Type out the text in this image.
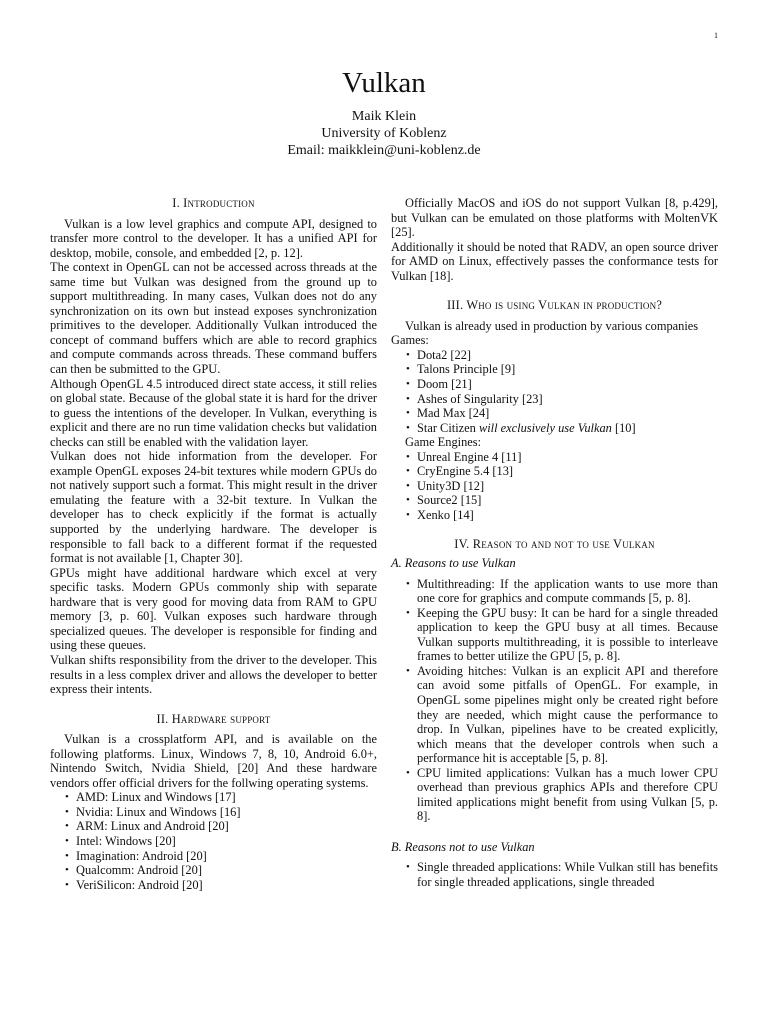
1
Vulkan
Maik Klein
University of Koblenz
Email: maikklein@uni-koblenz.de
I. Introduction

Vulkan is a low level graphics and compute API, designed to transfer more control to the developer. It has a unified API for desktop, mobile, console, and embedded [2, p. 12].

The context in OpenGL can not be accessed across threads at the same time but Vulkan was designed from the ground up to support multithreading. In many cases, Vulkan does not do any synchronization on its own but instead exposes synchronization primitives to the developer. Additionally Vulkan introduced the concept of command buffers which are able to record graphics and compute commands across threads. These command buffers can then be submitted to the GPU.

Although OpenGL 4.5 introduced direct state access, it still relies on global state. Because of the global state it is hard for the driver to guess the intentions of the developer. In Vulkan, everything is explicit and there are no run time validation checks but validation checks can still be enabled with the validation layer.

Vulkan does not hide information from the developer. For example OpenGL exposes 24-bit textures while modern GPUs do not natively support such a format. This might result in the driver emulating the feature with a 32-bit texture. In Vulkan the developer has to check explicitly if the format is actually supported by the underlying hardware. The developer is responsible to fall back to a different format if the requested format is not available [1, Chapter 30].

GPUs might have additional hardware which excel at very specific tasks. Modern GPUs commonly ship with separate hardware that is very good for moving data from RAM to GPU memory [3, p. 60]. Vulkan exposes such hardware through specialized queues. The developer is responsible for finding and using these queues.

Vulkan shifts responsibility from the driver to the developer. This results in a less complex driver and allows the developer to better express their intents.

II. Hardware support

Vulkan is a crossplatform API, and is available on the following platforms. Linux, Windows 7, 8, 10, Android 6.0+, Nintendo Switch, Nvidia Shield, [20] And these hardware vendors offer official drivers for the follwing operating systems.

• AMD: Linux and Windows [17]
• Nvidia: Linux and Windows [16]
• ARM: Linux and Android [20]
• Intel: Windows [20]
• Imagination: Android [20]
• Qualcomm: Android [20]
• VeriSilicon: Android [20]

Officially MacOS and iOS do not support Vulkan [8, p.429], but Vulkan can be emulated on those platforms with MoltenVK [25].

Additionally it should be noted that RADV, an open source driver for AMD on Linux, effectively passes the conformance tests for Vulkan [18].

III. Who is using Vulkan in production?

Vulkan is already used in production by various companies

Games:

• Dota2 [22]
• Talons Principle [9]
• Doom [21]
• Ashes of Singularity [23]
• Mad Max [24]
• Star Citizen will exclusively use Vulkan [10]

Game Engines:

• Unreal Engine 4 [11]
• CryEngine 5.4 [13]
• Unity3D [12]
• Source2 [15]
• Xenko [14]
IV. Reason to and not to use Vulkan

A. Reasons to use Vulkan

• Multithreading: If the application wants to use more than one core for graphics and compute commands [5, p. 8].
• Keeping the GPU busy: It can be hard for a single threaded application to keep the GPU busy at all times. Because Vulkan supports multithreading, it is possible to interleave frames to better utilize the GPU [5, p. 8].
• Avoiding hitches: Vulkan is an explicit API and therefore can avoid some pitfalls of OpenGL. For example, in OpenGL some pipelines might only be created right before they are needed, which might cause the performance to drop. In Vulkan, pipelines have to be created explicitly, which means that the developer controls when such a performance hit is acceptable [5, p. 8].
• CPU limited applications: Vulkan has a much lower CPU overhead than previous graphics APIs and therefore CPU limited applications might benefit from using Vulkan [5, p. 8].

B. Reasons not to use Vulkan

• Single threaded applications: While Vulkan still has benefits for single threaded applications, single threaded
